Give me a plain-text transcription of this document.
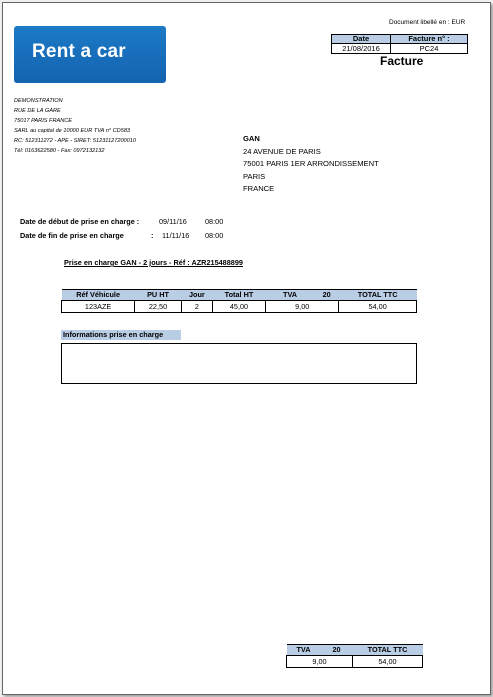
Rent a car
Document libellé en : EUR
Date	Facture n° :
21/08/2016	PC24
Facture
DEMONSTRATION
RUE DE LA GARE
75017 PARIS FRANCE
SARL au capital de 10000 EUR TVA n° CD583
RC: 512311272 - APE - SIRET: 51231127200010
Tél: 0163622580 - Fax: 0972132132
GAN
24 AVENUE DE PARIS
75001 PARIS 1ER ARRONDISSEMENT
PARIS
FRANCE
Date de début de prise en charge :	09/11/16 08:00
Date de fin de prise en charge	: 11/11/16 08:00
Prise en charge GAN - 2 jours - Réf : AZR215488899
Réf Véhicule	PU HT	Jour	Total HT	TVA	20	TOTAL TTC
123AZE	22,50	2	45,00	9,00		54,00
Informations prise en charge
TVA	20	TOTAL TTC
9,00		54,00
